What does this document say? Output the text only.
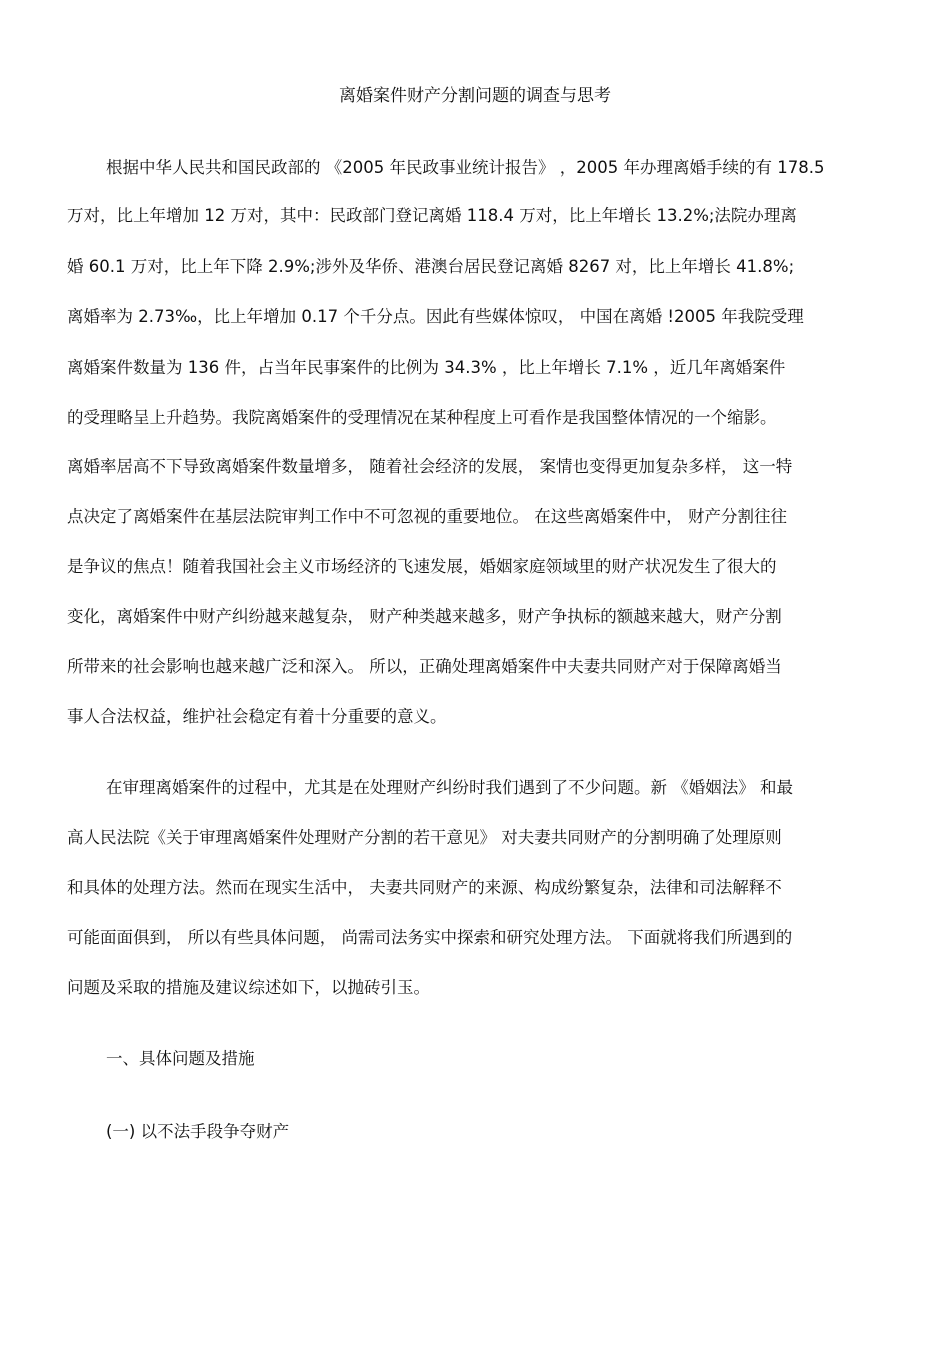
离婚案件财产分割问题的调查与思考
根据中华人民共和国民政部的 《2005 年民政事业统计报告》 ，2005 年办理离婚手续的有 178.5
万对，比上年增加 12 万对，其中：民政部门登记离婚 118.4 万对，比上年增长 13.2%;法院办理离
婚 60.1 万对，比上年下降 2.9%;涉外及华侨、港澳台居民登记离婚 8267 对，比上年增长 41.8%;
离婚率为 2.73‰，比上年增加 0.17 个千分点。因此有些媒体惊叹， 中国在离婚 !2005 年我院受理
离婚案件数量为 136 件，占当年民事案件的比例为 34.3% ，比上年增长 7.1% ，近几年离婚案件
的受理略呈上升趋势。我院离婚案件的受理情况在某种程度上可看作是我国整体情况的一个缩影。
离婚率居高不下导致离婚案件数量增多， 随着社会经济的发展， 案情也变得更加复杂多样， 这一特
点决定了离婚案件在基层法院审判工作中不可忽视的重要地位。 在这些离婚案件中， 财产分割往往
是争议的焦点！随着我国社会主义市场经济的飞速发展，婚姻家庭领域里的财产状况发生了很大的
变化，离婚案件中财产纠纷越来越复杂， 财产种类越来越多，财产争执标的额越来越大，财产分割
所带来的社会影响也越来越广泛和深入。 所以，正确处理离婚案件中夫妻共同财产对于保障离婚当
事人合法权益，维护社会稳定有着十分重要的意义。
在审理离婚案件的过程中，尤其是在处理财产纠纷时我们遇到了不少问题。新 《婚姻法》 和最
高人民法院《关于审理离婚案件处理财产分割的若干意见》 对夫妻共同财产的分割明确了处理原则
和具体的处理方法。然而在现实生活中， 夫妻共同财产的来源、构成纷繁复杂，法律和司法解释不
可能面面俱到， 所以有些具体问题， 尚需司法务实中探索和研究处理方法。 下面就将我们所遇到的
问题及采取的措施及建议综述如下，以抛砖引玉。
一、具体问题及措施
(一) 以不法手段争夺财产
